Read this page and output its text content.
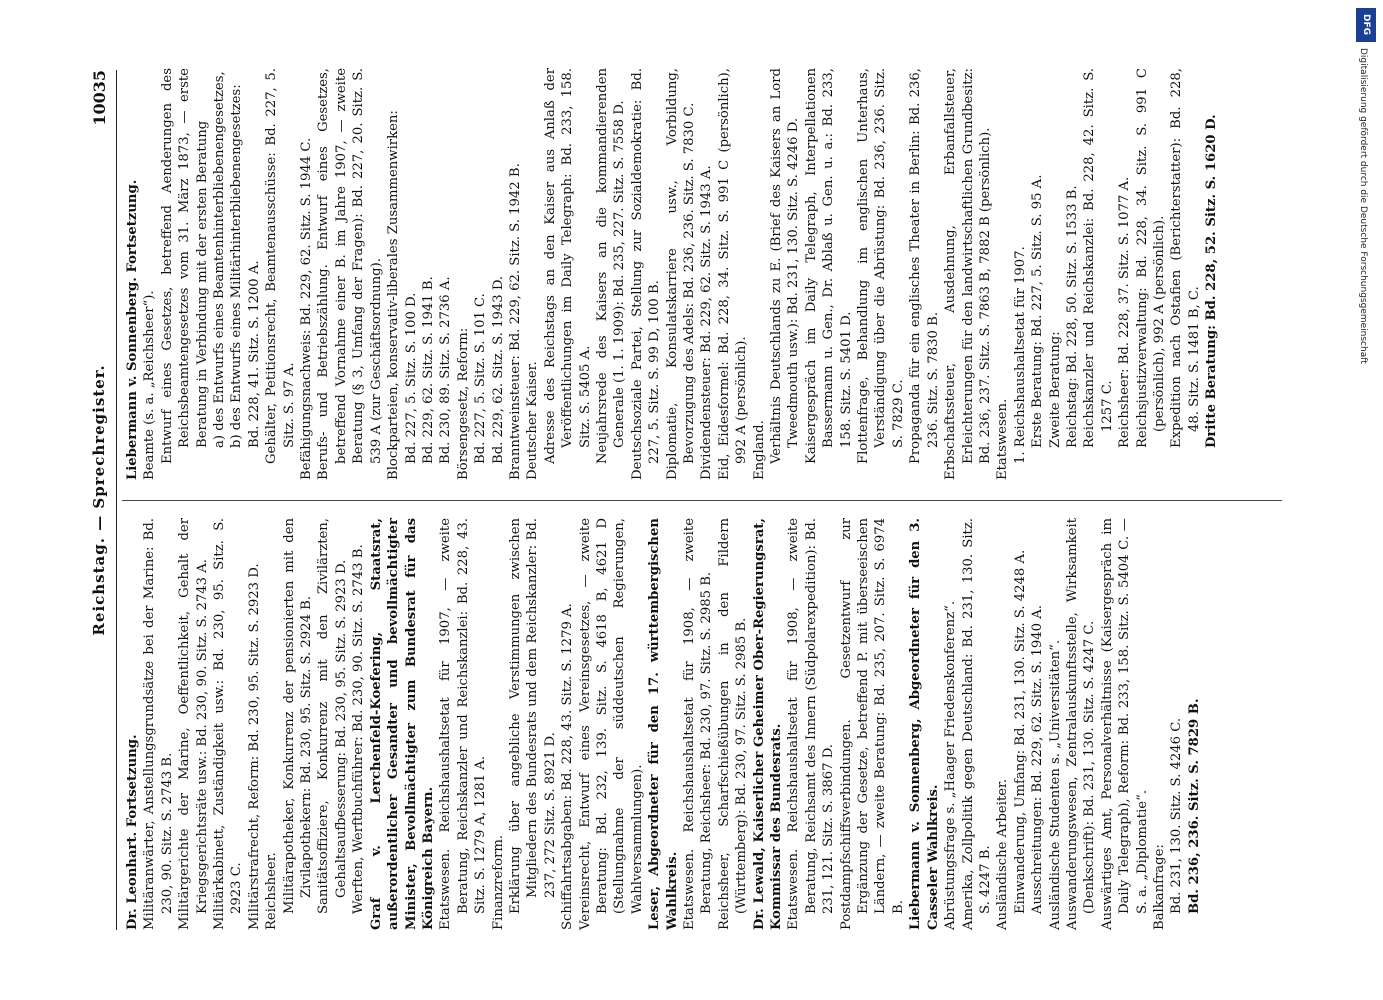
Reichstag. — Sprechregister.
10035

Dr. Leonhart. Fortsetzung. Militäranwärter, Anstellungsgrundsätze bei der Marine: Bd. 230, 90. Sitz. S. 2743 B. Militärgerichte der Marine, Oeffentlichkeit, Gehalt der Kriegsgerichtsräte usw.: Bd. 230, 90. Sitz. S. 2743 A. Militärkabinett, Zuständigkeit usw.: Bd. 230, 95. Sitz. S. 2923 C. Militärstrafrecht, Reform: Bd. 230, 95. Sitz. S. 2923 D. Reichsheer. Militärapotheker, Konkurrenz der pensionierten mit den Zivilapothekern: Bd. 230, 95. Sitz. S. 2924 B. Sanitätsoffiziere, Konkurrenz mit den Zivilärzten, Gehaltsaufbesserung: Bd. 230, 95. Sitz. S. 2923 D. Werften, Werftbuchführer: Bd. 230, 90. Sitz. S. 2743 B. Graf v. Lerchenfeld-Koefering, Staatsrat, außerordentlicher Gesandter und bevollmächtigter Minister, Bevollmächtigter zum Bundesrat für das Königreich Bayern. Etatswesen. Reichshaushaltsetat für 1907, — zweite Beratung, Reichskanzler und Reichskanzlei: Bd. 228, 43. Sitz. S. 1279 A, 1281 A. Finanzreform. Erklärung über angebliche Verstimmungen zwischen Mitgliedern des Bundesrats und dem Reichskanzler: Bd. 237, 272 Sitz. S. 8921 D. Schiffahrtsabgaben: Bd. 228, 43. Sitz. S. 1279 A. Vereinsrecht, Entwurf eines Vereinsgesetzes, — zweite Beratung: Bd. 232, 139. Sitz. S. 4618 B, 4621 D (Stellungnahme der süddeutschen Regierungen, Wahlversammlungen). Leser, Abgeordneter für den 17. württembergischen Wahlkreis. Etatswesen. Reichshaushaltsetat für 1908, — zweite Beratung, Reichsheer: Bd. 230, 97. Sitz. S. 2985 B. Reichsheer, Scharfschießübungen in den Fildern (Württemberg): Bd. 230, 97. Sitz. S. 2985 B. Dr. Lewald, Kaiserlicher Geheimer Ober-Regierungsrat, Kommissar des Bundesrats. Etatswesen. Reichshaushaltsetat für 1908, — zweite Beratung, Reichsamt des Innern (Südpolarexpedition): Bd. 231, 121. Sitz. S. 3867 D. Postdampfschiffsverbindungen. Gesetzentwurf zur Ergänzung der Gesetze, betreffend P. mit überseeischen Ländern, — zweite Beratung: Bd. 235, 207. Sitz. S. 6974 B. Liebermann v. Sonnenberg, Abgeordneter für den 3. Casseler Wahlkreis. Abrüstungsfrage s. „Haager Friedenskonferenz“. Amerika, Zollpolitik gegen Deutschland: Bd. 231, 130. Sitz. S. 4247 B. Ausländische Arbeiter. Einwanderung, Umfang: Bd. 231, 130. Sitz. S. 4248 A. Ausschreitungen: Bd. 229, 62. Sitz. S. 1940 A. Ausländische Studenten s. „Universitäten“. Auswanderungswesen, Zentralauskunftsstelle, Wirksamkeit (Denkschrift): Bd. 231, 130. Sitz. S. 4247 C. Auswärtiges Amt, Personalverhältnisse (Kaisergespräch im Daily Telegraph), Reform: Bd. 233, 158. Sitz. S. 5404 C. — S. a. „Diplomatie“. Balkanfrage: Bd. 231, 130. Sitz. S. 4246 C. Bd. 236, 236. Sitz. S. 7829 B.

Liebermann v. Sonnenberg. Fortsetzung. Beamte (s. a. „Reichsheer“). Entwurf eines Gesetzes, betreffend Aenderungen des Reichsbeamtengesetzes vom 31. März 1873, — erste Beratung in Verbindung mit der ersten Beratung a) des Entwurfs eines Beamtenhinterbliebenengesetzes, b) des Entwurfs eines Militärhinterbliebenengesetzes: Bd. 228, 41. Sitz. S. 1200 A. Gehälter, Petitionsrecht, Beamtenausschüsse: Bd. 227, 5. Sitz. S. 97 A. Befähigungsnachweis: Bd. 229, 62. Sitz. S. 1944 C. Berufs- und Betriebszählung. Entwurf eines Gesetzes, betreffend Vornahme einer B. im Jahre 1907, — zweite Beratung (§ 3, Umfang der Fragen): Bd. 227, 20. Sitz. S. 539 A (zur Geschäftsordnung). Blockparteien, konservativ-liberales Zusammenwirken: Bd. 227, 5. Sitz. S. 100 D. Bd. 229, 62. Sitz. S. 1941 B. Bd. 230, 89. Sitz. S. 2736 A. Börsengesetz, Reform: Bd. 227, 5. Sitz. S. 101 C. Bd. 229, 62. Sitz. S. 1943 D. Branntweinsteuer: Bd. 229, 62. Sitz. S. 1942 B. Deutscher Kaiser. Adresse des Reichstags an den Kaiser aus Anlaß der Veröffentlichungen im Daily Telegraph: Bd. 233, 158. Sitz. S. 5405 A. Neujahrsrede des Kaisers an die kommandierenden Generale (1. 1. 1909): Bd. 235, 227. Sitz. S. 7558 D. Deutschsoziale Partei, Stellung zur Sozialdemokratie: Bd. 227, 5. Sitz. S. 99 D, 100 B. Diplomatie, Konsulatskarriere usw., Vorbildung, Bevorzugung des Adels: Bd. 236, 236. Sitz. S. 7830 C. Dividendensteuer: Bd. 229, 62. Sitz. S. 1943 A. Eid, Eidesformel: Bd. 228, 34. Sitz. S. 991 C (persönlich), 992 A (persönlich). England. Verhältnis Deutschlands zu E. (Brief des Kaisers an Lord Tweedmouth usw.): Bd. 231, 130. Sitz. S. 4246 D. Kaisergespräch im Daily Telegraph, Interpellationen Bassermann u. Gen., Dr. Ablaß u. Gen. u. a.: Bd. 233, 158. Sitz. S. 5401 D. Flottenfrage, Behandlung im englischen Unterhaus, Verständigung über die Abrüstung: Bd. 236, 236. Sitz. S. 7829 C. Propaganda für ein englisches Theater in Berlin: Bd. 236, 236. Sitz. S. 7830 B. Erbschaftssteuer, Ausdehnung, Erbanfallsteuer, Erleichterungen für den landwirtschaftlichen Grundbesitz: Bd. 236, 237. Sitz. S. 7863 B, 7882 B (persönlich). Etatswesen. 1. Reichshaushaltsetat für 1907. Erste Beratung: Bd. 227, 5. Sitz. S. 95 A. Zweite Beratung: Reichstag: Bd. 228, 50. Sitz. S. 1533 B. Reichskanzler und Reichskanzlei: Bd. 228, 42. Sitz. S. 1257 C. Reichsheer: Bd. 228, 37. Sitz. S. 1077 A. Reichsjustizverwaltung: Bd. 228, 34. Sitz. S. 991 C (persönlich), 992 A (persönlich). Expedition nach Ostafien (Berichterstatter): Bd. 228, 48. Sitz. S. 1481 B, C. Dritte Beratung: Bd. 228, 52. Sitz. S. 1620 D.

DFG
Digitalisierung gefördert durch die Deutsche Forschungsgemeinschaft
